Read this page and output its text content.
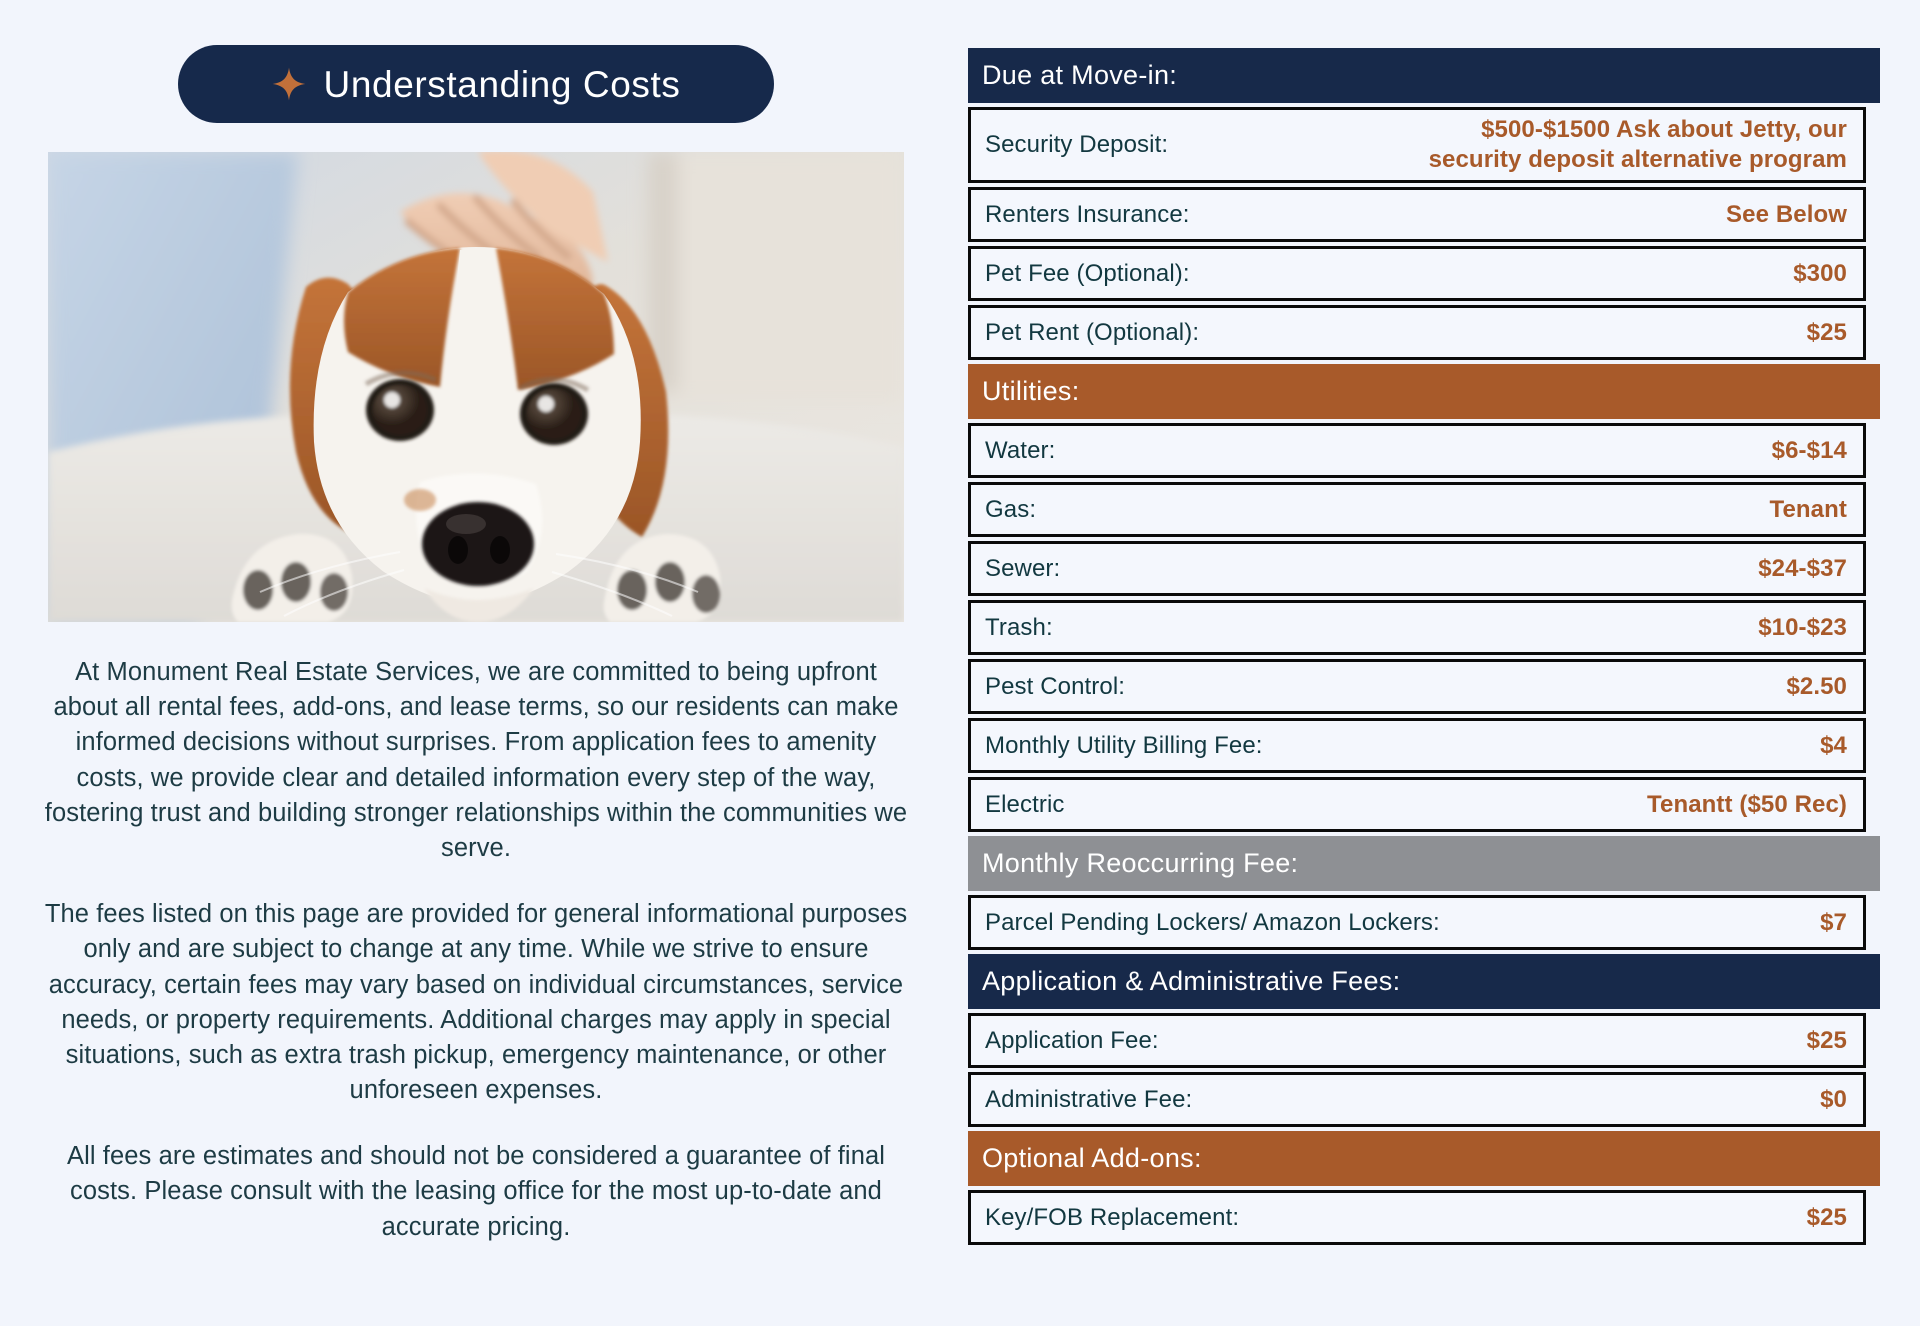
Understanding Costs

At Monument Real Estate Services, we are committed to being upfront about all rental fees, add-ons, and lease terms, so our residents can make informed decisions without surprises. From application fees to amenity costs, we provide clear and detailed information every step of the way, fostering trust and building stronger relationships within the communities we serve.

The fees listed on this page are provided for general informational purposes only and are subject to change at any time. While we strive to ensure accuracy, certain fees may vary based on individual circumstances, service needs, or property requirements. Additional charges may apply in special situations, such as extra trash pickup, emergency maintenance, or other unforeseen expenses.

All fees are estimates and should not be considered a guarantee of final costs. Please consult with the leasing office for the most up-to-date and accurate pricing.

Due at Move-in:
Security Deposit:
$500-$1500 Ask about Jetty, our security deposit alternative program
Renters Insurance:	See Below
Pet Fee (Optional):	$300
Pet Rent (Optional):	$25
Utilities:
Water:	$6-$14
Gas:	Tenant
Sewer:	$24-$37
Trash:	$10-$23
Pest Control:	$2.50
Monthly Utility Billing Fee:	$4
Electric	Tenantt ($50 Rec)
Monthly Reoccurring Fee:
Parcel Pending Lockers/ Amazon Lockers:	$7
Application & Administrative Fees:
Application Fee:	$25
Administrative Fee:	$0
Optional Add-ons:
Key/FOB Replacement:	$25
